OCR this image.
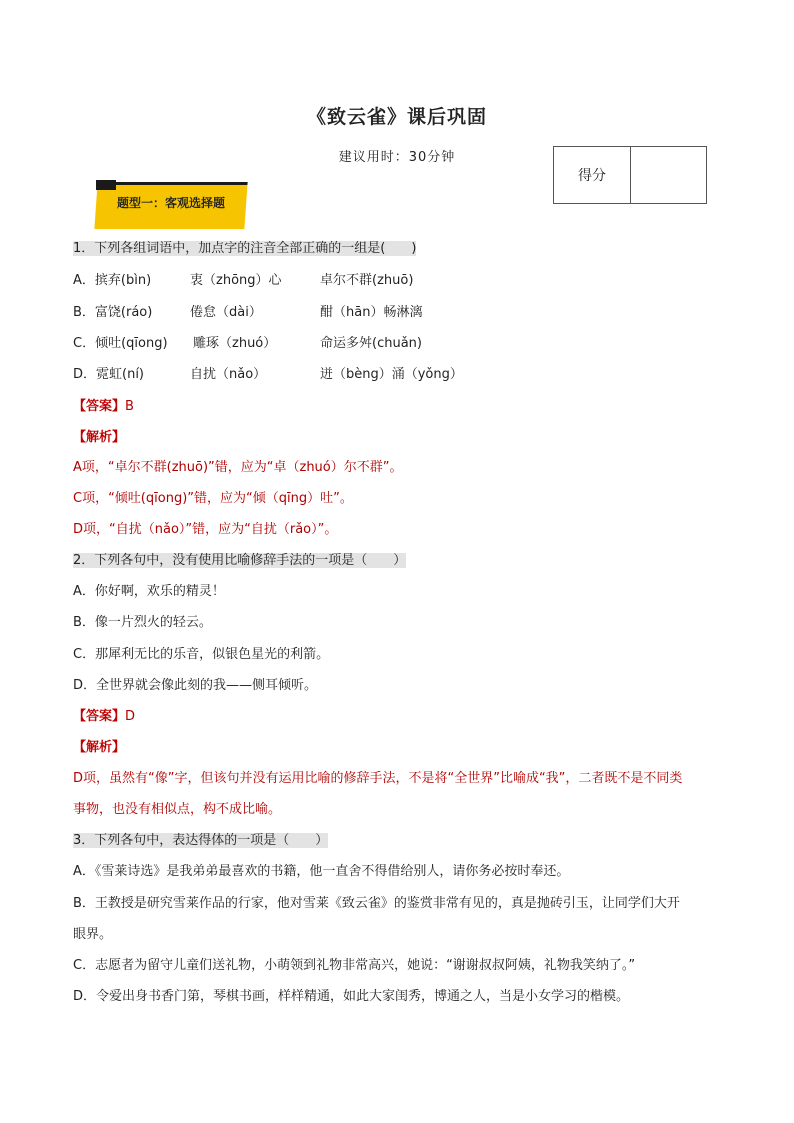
《致云雀》课后巩固
建议用时：30分钟
得分
题型一：客观选择题
1．下列各组词语中，加点字的注音全部正确的一组是(　　)
A．摈弃(bìn)	衷（zhōng）心	卓尔不群(zhuō)
B．富饶(ráo)	倦怠（dài）	酣（hān）畅淋漓
C．倾吐(qīong) 雕琢（zhuó）	命运多舛(chuǎn)
D．霓虹(ní)	自扰（nǎo）	迸（bèng）涌（yǒng）
【答案】B
【解析】
A项，“卓尔不群(zhuō)”错，应为“卓（zhuó）尔不群”。
C项，“倾吐(qīong)”错，应为“倾（qīng）吐”。
D项，“自扰（nǎo）”错，应为“自扰（rǎo）”。
2．下列各句中，没有使用比喻修辞手法的一项是（　　）
A．你好啊，欢乐的精灵！
B．像一片烈火的轻云。
C．那犀利无比的乐音，似银色星光的利箭。
D．全世界就会像此刻的我——侧耳倾听。
【答案】D
【解析】
D项，虽然有“像”字，但该句并没有运用比喻的修辞手法，不是将“全世界”比喻成“我”，二者既不是不同类
事物，也没有相似点，构不成比喻。
3．下列各句中，表达得体的一项是（　　）
A．《雪莱诗选》是我弟弟最喜欢的书籍，他一直舍不得借给别人，请你务必按时奉还。
B．王教授是研究雪莱作品的行家，他对雪莱《致云雀》的鉴赏非常有见的，真是抛砖引玉，让同学们大开
眼界。
C．志愿者为留守儿童们送礼物，小萌领到礼物非常高兴，她说：“谢谢叔叔阿姨，礼物我笑纳了。”
D．令爱出身书香门第，琴棋书画，样样精通，如此大家闺秀，博通之人，当是小女学习的楷模。
